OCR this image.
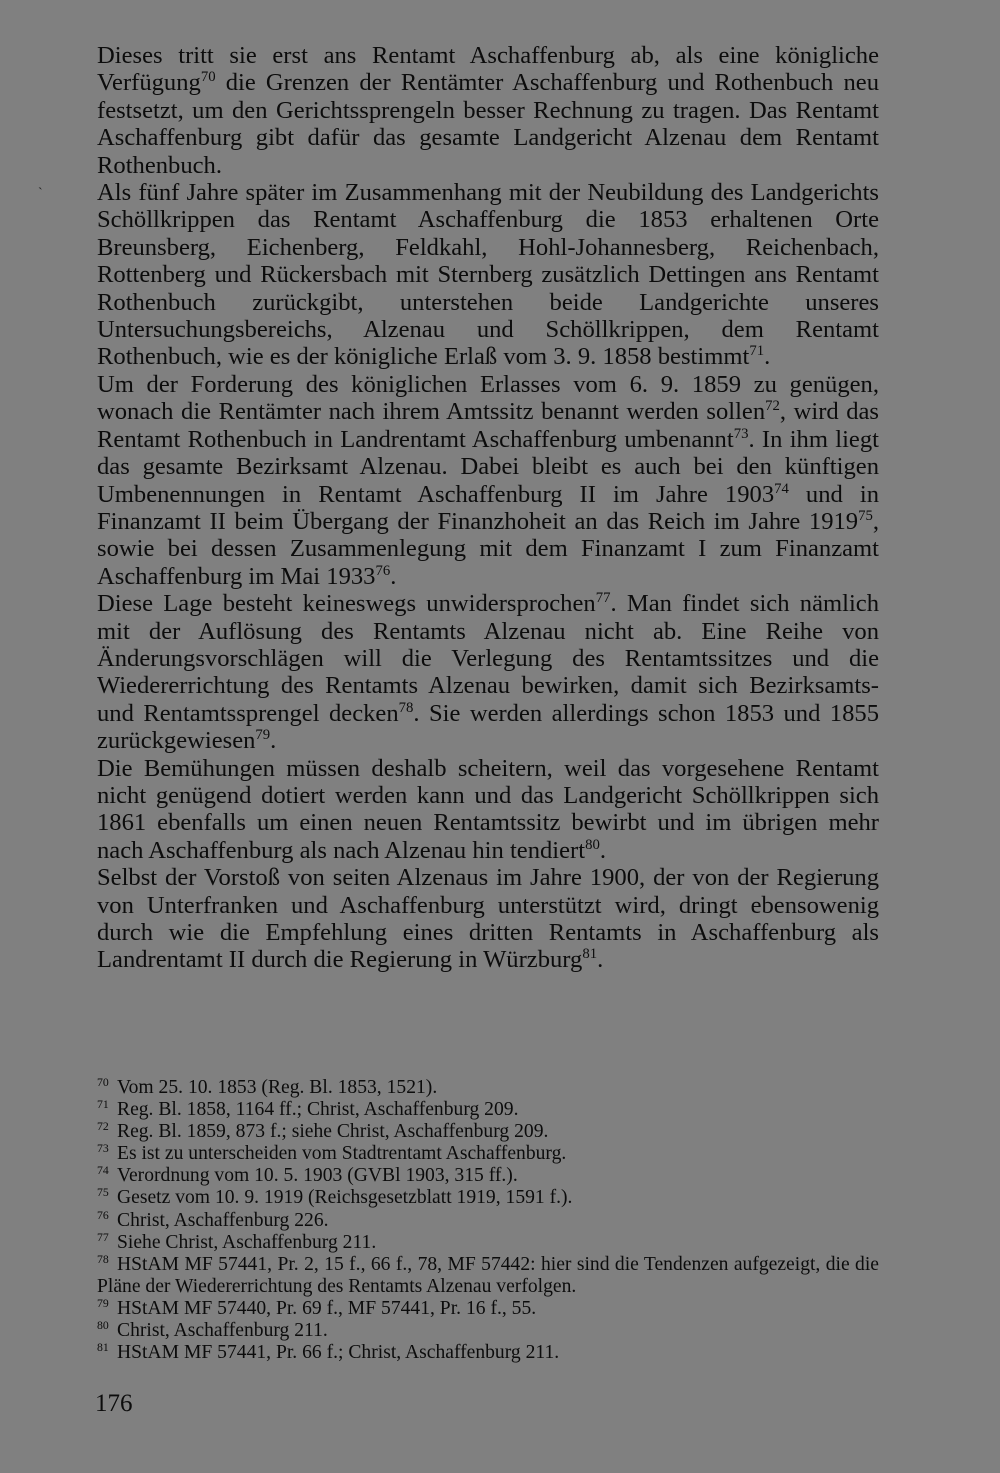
`

Dieses tritt sie erst ans Rentamt Aschaffenburg ab, als eine königliche Verfügung$^{70}$ die Grenzen der Rentämter Aschaffenburg und Rothenbuch neu festsetzt, um den Gerichtssprengeln besser Rechnung zu tragen. Das Rentamt Aschaffenburg gibt dafür das gesamte Landgericht Alzenau dem Rentamt Rothenbuch.

Als fünf Jahre später im Zusammenhang mit der Neubildung des Landgerichts Schöllkrippen das Rentamt Aschaffenburg die 1853 erhaltenen Orte Breunsberg, Eichenberg, Feldkahl, Hohl-Johannesberg, Reichenbach, Rottenberg und Rückersbach mit Sternberg zusätzlich Dettingen ans Rentamt Rothenbuch zurückgibt, unterstehen beide Landgerichte unseres Untersuchungsbereichs, Alzenau und Schöllkrippen, dem Rentamt Rothenbuch, wie es der königliche Erlaß vom 3. 9. 1858 bestimmt$^{71}$.

Um der Forderung des königlichen Erlasses vom 6. 9. 1859 zu genügen, wonach die Rentämter nach ihrem Amtssitz benannt werden sollen$^{72}$, wird das Rentamt Rothenbuch in Landrentamt Aschaffenburg umbenannt$^{73}$. In ihm liegt das gesamte Bezirksamt Alzenau. Dabei bleibt es auch bei den künftigen Umbenennungen in Rentamt Aschaffenburg II im Jahre 1903$^{74}$ und in Finanzamt II beim Übergang der Finanzhoheit an das Reich im Jahre 1919$^{75}$, sowie bei dessen Zusammenlegung mit dem Finanzamt I zum Finanzamt Aschaffenburg im Mai 1933$^{76}$.

Diese Lage besteht keineswegs unwidersprochen$^{77}$. Man findet sich nämlich mit der Auflösung des Rentamts Alzenau nicht ab. Eine Reihe von Änderungsvorschlägen will die Verlegung des Rentamtssitzes und die Wiedererrichtung des Rentamts Alzenau bewirken, damit sich Bezirksamts- und Rentamtssprengel decken$^{78}$. Sie werden allerdings schon 1853 und 1855 zurückgewiesen$^{79}$.

Die Bemühungen müssen deshalb scheitern, weil das vorgesehene Rentamt nicht genügend dotiert werden kann und das Landgericht Schöllkrippen sich 1861 ebenfalls um einen neuen Rentamtssitz bewirbt und im übrigen mehr nach Aschaffenburg als nach Alzenau hin tendiert$^{80}$.

Selbst der Vorstoß von seiten Alzenaus im Jahre 1900, der von der Regierung von Unterfranken und Aschaffenburg unterstützt wird, dringt ebensowenig durch wie die Empfehlung eines dritten Rentamts in Aschaffenburg als Landrentamt II durch die Regierung in Würzburg$^{81}$.

$^{70}$ Vom 25. 10. 1853 (Reg. Bl. 1853, 1521).

$^{71}$ Reg. Bl. 1858, 1164 ff.; Christ, Aschaffenburg 209.

$^{72}$ Reg. Bl. 1859, 873 f.; siehe Christ, Aschaffenburg 209.

$^{73}$ Es ist zu unterscheiden vom Stadtrentamt Aschaffenburg.

$^{74}$ Verordnung vom 10. 5. 1903 (GVBl 1903, 315 ff.).

$^{75}$ Gesetz vom 10. 9. 1919 (Reichsgesetzblatt 1919, 1591 f.).

$^{76}$ Christ, Aschaffenburg 226.

$^{77}$ Siehe Christ, Aschaffenburg 211.

$^{78}$ HStAM MF 57441, Pr. 2, 15 f., 66 f., 78, MF 57442: hier sind die Tendenzen aufgezeigt, die die Pläne der Wiedererrichtung des Rentamts Alzenau verfolgen.

$^{79}$ HStAM MF 57440, Pr. 69 f., MF 57441, Pr. 16 f., 55.

$^{80}$ Christ, Aschaffenburg 211.

$^{81}$ HStAM MF 57441, Pr. 66 f.; Christ, Aschaffenburg 211.

176
